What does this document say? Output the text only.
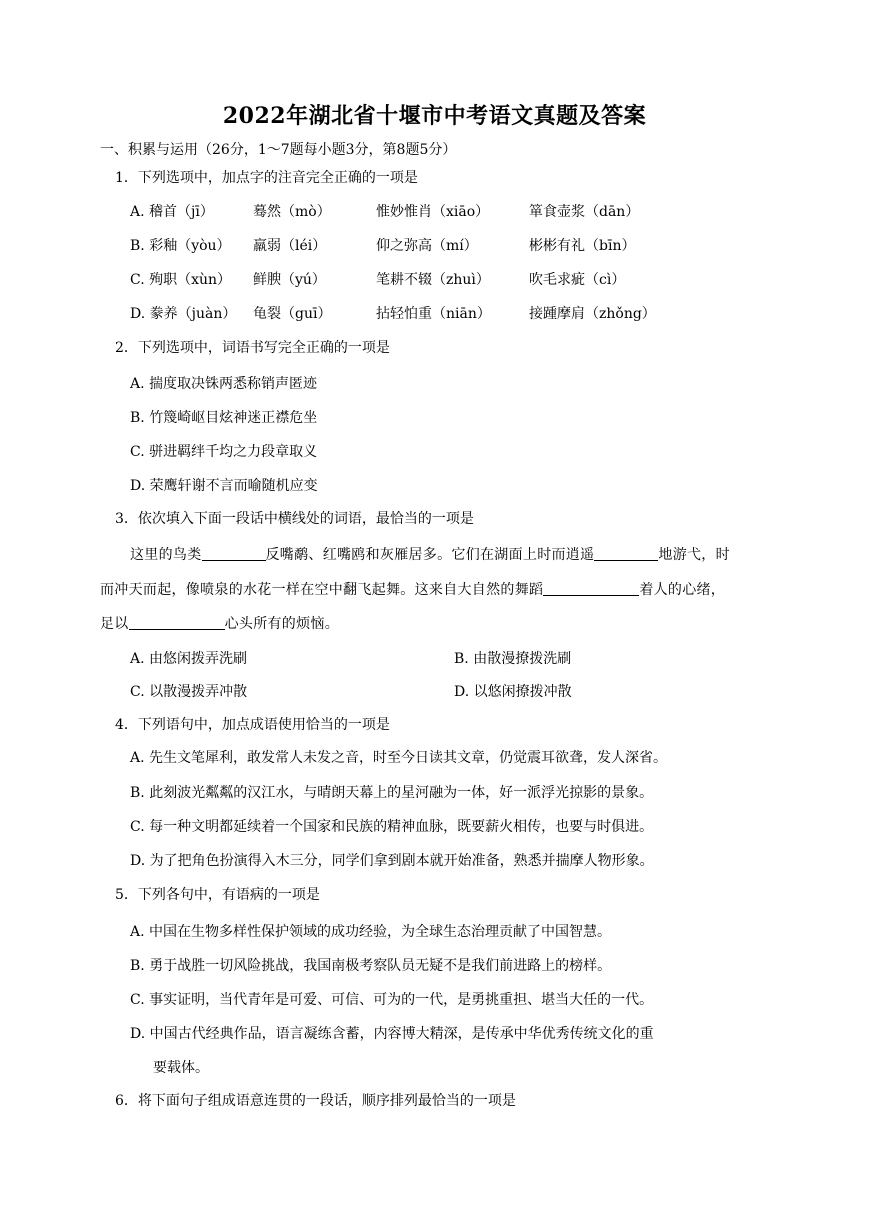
2022年湖北省十堰市中考语文真题及答案

一、积累与运用（26分，1～7题每小题3分，第8题5分）

1．下列选项中，加点字的注音完全正确的一项是

A. 稽首（jī）	蓦然（mò）	惟妙惟肖（xiāo）	箪食壶浆（dān）
B. 彩釉（yòu） 羸弱（léi）	仰之弥高（mí）	彬彬有礼（bīn）
C. 殉职（xùn） 鲜腴（yú）	笔耕不辍（zhuì）	吹毛求疵（cì）
D. 豢养（juàn） 龟裂（guī）	拈轻怕重（niān）	接踵摩肩（zhǒng）

2．下列选项中，词语书写完全正确的一项是

A. 揣度取决铢两悉称销声匿迹

B. 竹篾崎岖目炫神迷正襟危坐

C. 骈进羁绊千均之力段章取义

D. 荣鹰轩谢不言而喻随机应变

3．依次填入下面一段话中横线处的词语，最恰当的一项是

这里的鸟类	反嘴鹬、红嘴鸥和灰雁居多。它们在湖面上时而逍遥	地游弋，时

而冲天而起，像喷泉的水花一样在空中翻飞起舞。这来自大自然的舞蹈	着人的心绪，

足以	心头所有的烦恼。

A. 由悠闲拨弄洗刷	B. 由散漫撩拨洗刷
C. 以散漫拨弄冲散	D. 以悠闲撩拨冲散

4．下列语句中，加点成语使用恰当的一项是

A. 先生文笔犀利，敢发常人未发之音，时至今日读其文章，仍觉震耳欲聋，发人深省。

B. 此刻波光粼粼的汉江水，与晴朗天幕上的星河融为一体，好一派浮光掠影的景象。

C. 每一种文明都延续着一个国家和民族的精神血脉，既要薪火相传，也要与时俱进。

D. 为了把角色扮演得入木三分，同学们拿到剧本就开始准备，熟悉并揣摩人物形象。

5．下列各句中，有语病的一项是

A. 中国在生物多样性保护领域的成功经验，为全球生态治理贡献了中国智慧。

B. 勇于战胜一切风险挑战，我国南极考察队员无疑不是我们前进路上的榜样。

C. 事实证明，当代青年是可爱、可信、可为的一代，是勇挑重担、堪当大任的一代。

D. 中国古代经典作品，语言凝练含蓄，内容博大精深，是传承中华优秀传统文化的重

要载体。

6．将下面句子组成语意连贯的一段话，顺序排列最恰当的一项是
